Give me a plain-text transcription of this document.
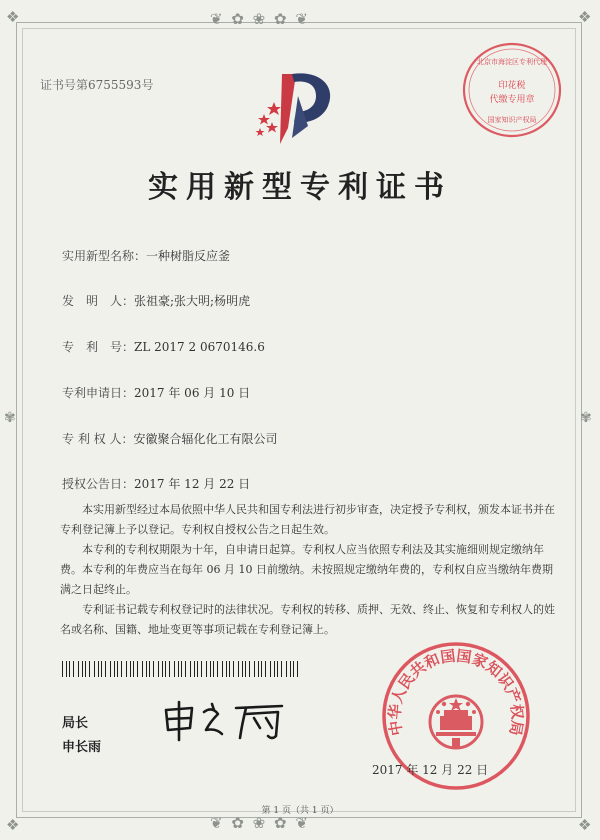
❦ ✿ ❀ ✿ ❦
❦ ✿ ❀ ✿ ❦
✾	✾
❖	❖
❖	❖
证书号第6755593号
北京市海淀区专利代理
印花税
代缴专用章
国家知识产权局
实用新型专利证书
实用新型名称：一种树脂反应釜
发　明　人：张祖豪;张大明;杨明虎
专　利　号：ZL 2017 2 0670146.6
专利申请日：2017 年 06 月 10 日
专 利 权 人：安徽聚合辐化化工有限公司
授权公告日：2017 年 12 月 22 日

本实用新型经过本局依照中华人民共和国专利法进行初步审查，决定授予专利权，颁发本证书并在专利登记簿上予以登记。专利权自授权公告之日起生效。

本专利的专利权期限为十年，自申请日起算。专利权人应当依照专利法及其实施细则规定缴纳年费。本专利的年费应当在每年 06 月 10 日前缴纳。未按照规定缴纳年费的，专利权自应当缴纳年费期满之日起终止。

专利证书记载专利权登记时的法律状况。专利权的转移、质押、无效、终止、恢复和专利权人的姓名或名称、国籍、地址变更等事项记载在专利登记簿上。

局长
申长雨
中华人民共和国国家知识产权局
2017 年 12 月 22 日
第 1 页（共 1 页）
